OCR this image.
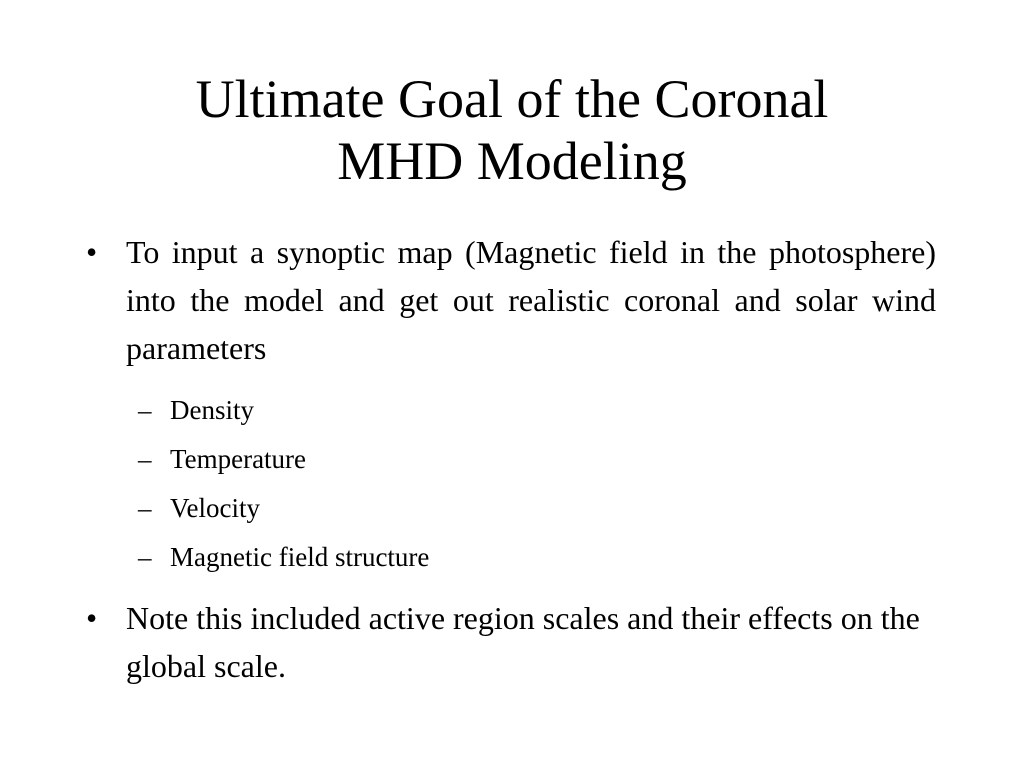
Ultimate Goal of the Coronal
MHD Modeling
• To input a synoptic map (Magnetic field in the photosphere) into the model and get out realistic coronal and solar wind parameters
– Density
– Temperature
– Velocity
– Magnetic field structure
• Note this included active region scales and their effects on the global scale.
